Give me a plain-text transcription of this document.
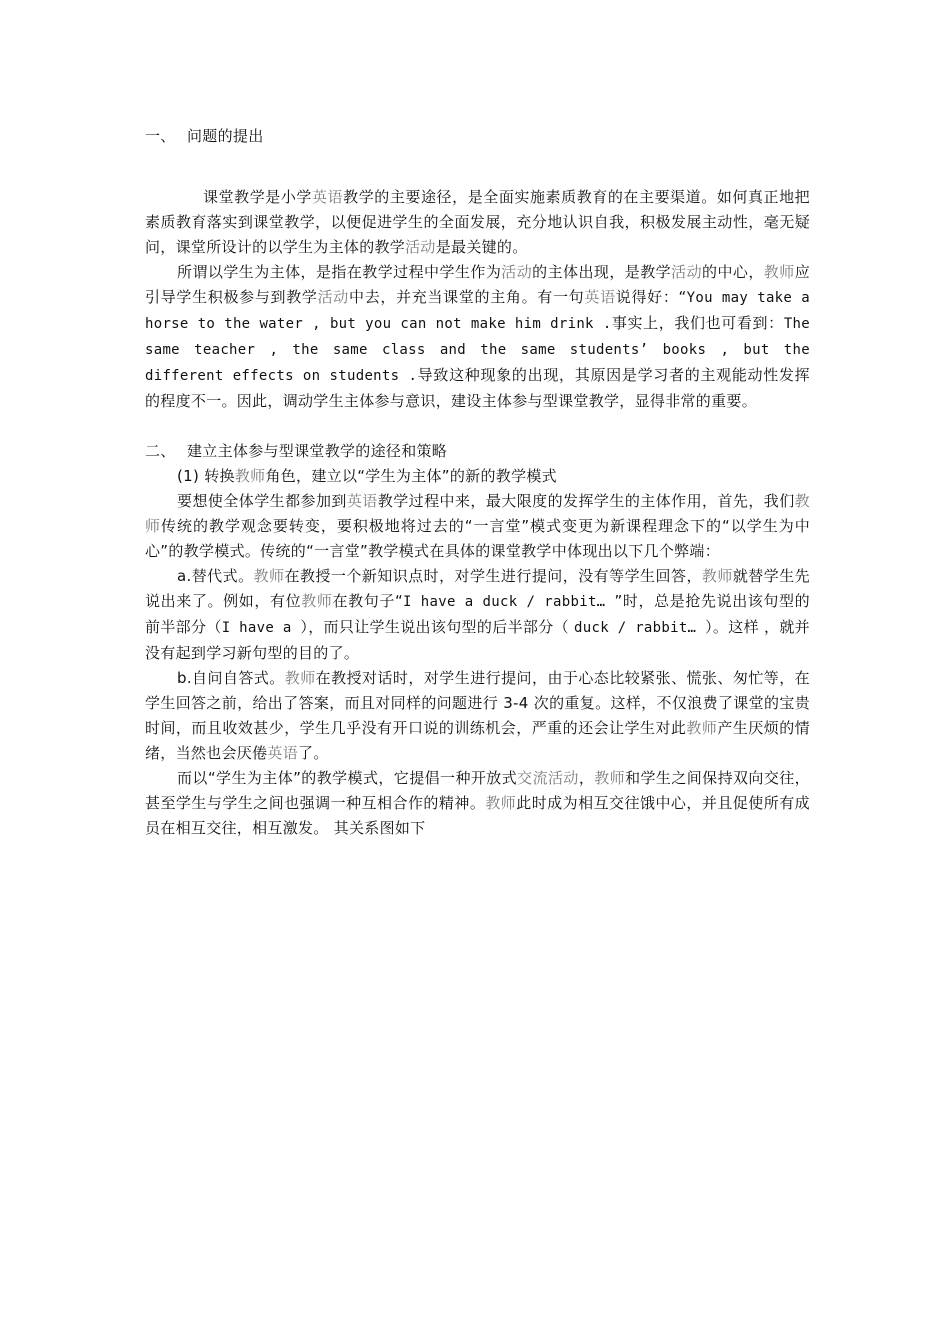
一、 问题的提出

课堂教学是小学英语教学的主要途径，是全面实施素质教育的在主要渠道。如何真正地把素质教育落实到课堂教学，以便促进学生的全面发展，充分地认识自我，积极发展主动性，毫无疑问，课堂所设计的以学生为主体的教学活动是最关键的。

所谓以学生为主体，是指在教学过程中学生作为活动的主体出现，是教学活动的中心，教师应引导学生积极参与到教学活动中去，并充当课堂的主角。有一句英语说得好：“You may take a horse to the water , but you can not make him drink .事实上，我们也可看到：The same teacher , the same class and the same students’ books , but the different effects on students .导致这种现象的出现，其原因是学习者的主观能动性发挥的程度不一。因此，调动学生主体参与意识，建设主体参与型课堂教学，显得非常的重要。

二、 建立主体参与型课堂教学的途径和策略

(1) 转换教师角色，建立以“学生为主体”的新的教学模式

要想使全体学生都参加到英语教学过程中来，最大限度的发挥学生的主体作用，首先，我们教师传统的教学观念要转变，要积极地将过去的“一言堂”模式变更为新课程理念下的“以学生为中心”的教学模式。传统的“一言堂”教学模式在具体的课堂教学中体现出以下几个弊端：

a.替代式。教师在教授一个新知识点时，对学生进行提问，没有等学生回答，教师就替学生先说出来了。例如，有位教师在教句子“I have a duck / rabbit… ”时，总是抢先说出该句型的前半部分（I have a ），而只让学生说出该句型的后半部分（ duck / rabbit… ）。这样 ，就并没有起到学习新句型的目的了。

b.自问自答式。教师在教授对话时，对学生进行提问，由于心态比较紧张、慌张、匆忙等，在学生回答之前，给出了答案，而且对同样的问题进行 3-4 次的重复。这样，不仅浪费了课堂的宝贵时间，而且收效甚少，学生几乎没有开口说的训练机会，严重的还会让学生对此教师产生厌烦的情绪，当然也会厌倦英语了。

而以“学生为主体”的教学模式，它提倡一种开放式交流活动，教师和学生之间保持双向交往，甚至学生与学生之间也强调一种互相合作的精神。教师此时成为相互交往饿中心，并且促使所有成员在相互交往，相互激发。 其关系图如下
